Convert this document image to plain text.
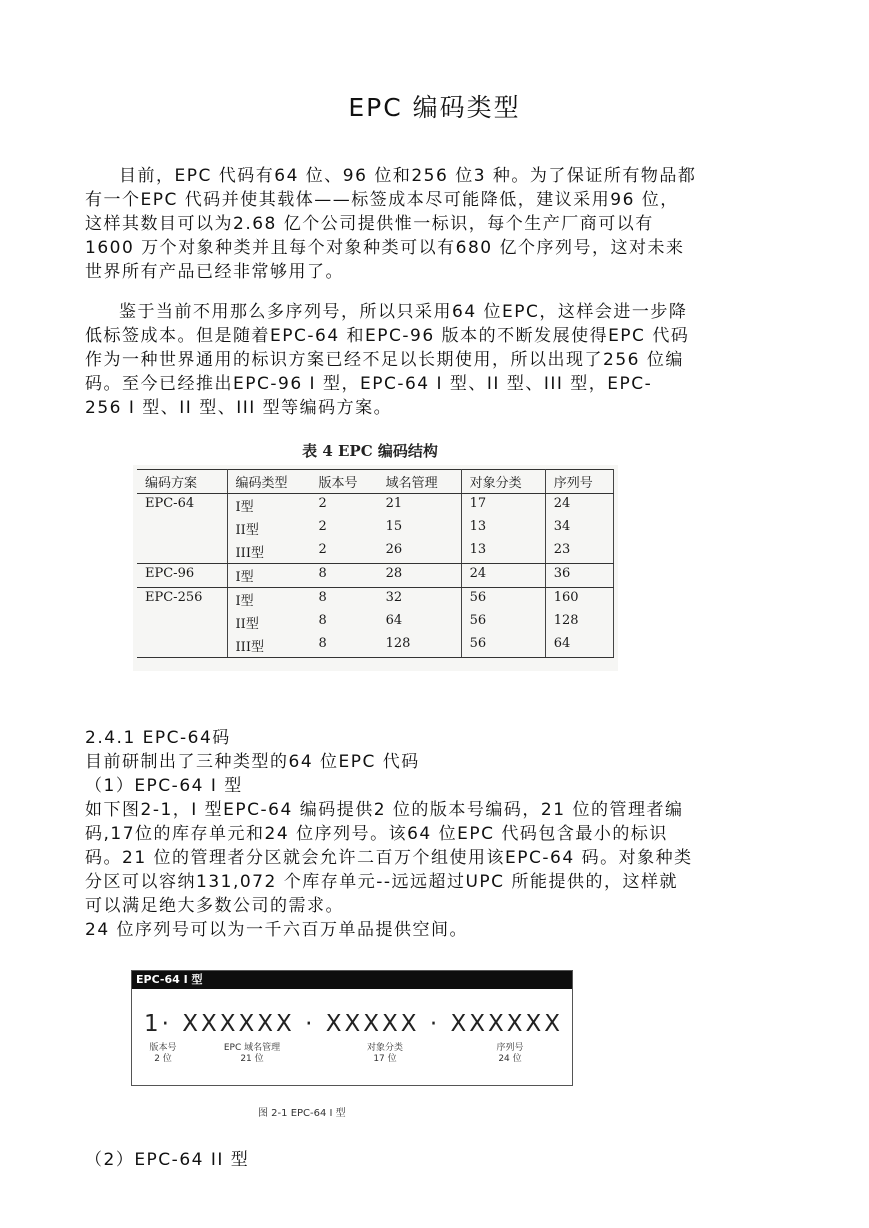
EPC 编码类型

目前，EPC 代码有64 位、96 位和256 位3 种。为了保证所有物品都
有一个EPC 代码并使其载体——标签成本尽可能降低，建议采用96 位，
这样其数目可以为2.68 亿个公司提供惟一标识，每个生产厂商可以有
1600 万个对象种类并且每个对象种类可以有680 亿个序列号，这对未来
世界所有产品已经非常够用了。

鉴于当前不用那么多序列号，所以只采用64 位EPC，这样会进一步降
低标签成本。但是随着EPC-64 和EPC-96 版本的不断发展使得EPC 代码
作为一种世界通用的标识方案已经不足以长期使用，所以出现了256 位编
码。至今已经推出EPC-96 I 型，EPC-64 I 型、II 型、III 型，EPC-
256 I 型、II 型、III 型等编码方案。

表 4 EPC 编码结构
编码方案	编码类型	版本号	域名管理	对象分类	序列号
EPC-64	I型	2	21	17	24
	II型	2	15	13	34
	III型	2	26	13	23
EPC-96	I型	8	28	24	36
EPC-256	I型	8	32	56	160
	II型	8	64	56	128
	III型	8	128	56	64

2.4.1 EPC-64码
目前研制出了三种类型的64 位EPC 代码
（1）EPC-64 I 型
如下图2-1，I 型EPC-64 编码提供2 位的版本号编码，21 位的管理者编
码,17位的库存单元和24 位序列号。该64 位EPC 代码包含最小的标识
码。21 位的管理者分区就会允许二百万个组使用该EPC-64 码。对象种类
分区可以容纳131,072 个库存单元--远远超过UPC 所能提供的，这样就
可以满足绝大多数公司的需求。
24 位序列号可以为一千六百万单品提供空间。

EPC-64 I 型
1· XXXXXX · XXXXX · XXXXXX
版本号
2 位
EPC 域名管理
21 位
对象分类
17 位
序列号
24 位
图 2-1 EPC-64 I 型

（2）EPC-64 II 型
